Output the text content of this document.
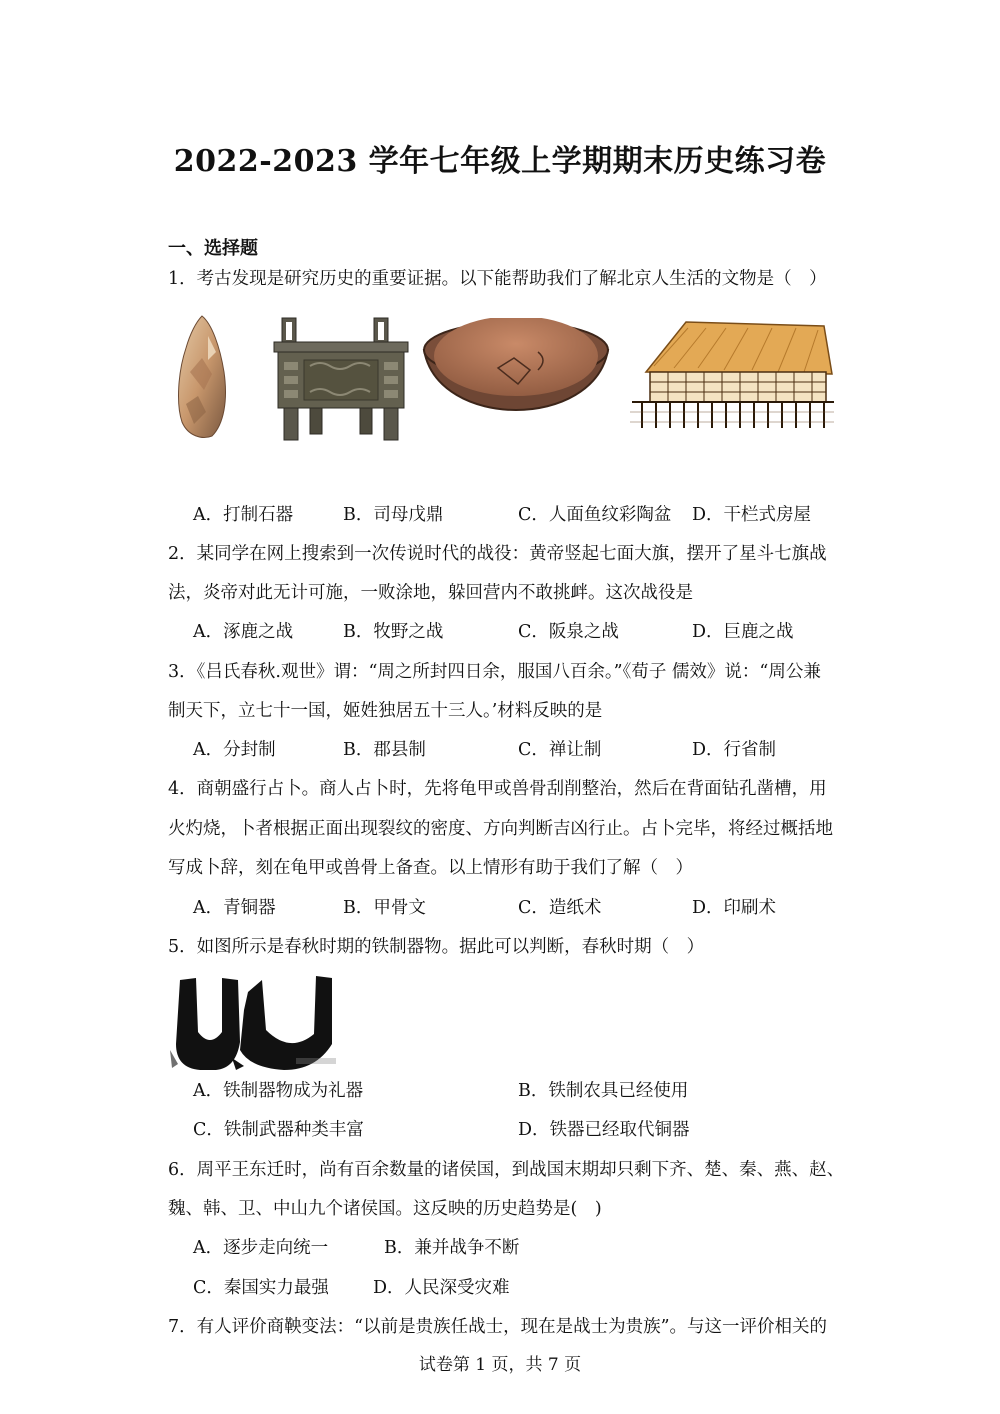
2022-2023 学年七年级上学期期末历史练习卷
一、选择题
1．考古发现是研究历史的重要证据。以下能帮助我们了解北京人生活的文物是（　）
A．打制石器	B．司母戊鼎	C．人面鱼纹彩陶盆 D．干栏式房屋
2．某同学在网上搜索到一次传说时代的战役：黄帝竖起七面大旗，摆开了星斗七旗战
法，炎帝对此无计可施，一败涂地，躲回营内不敢挑衅。这次战役是
A．涿鹿之战	B．牧野之战	C．阪泉之战	D．巨鹿之战
3．《吕氏春秋.观世》谓：“周之所封四日余，服国八百余。”《荀子 儒效》说：“周公兼
制天下，立七十一国，姬姓独居五十三人。’材料反映的是
A．分封制	B．郡县制	C．禅让制	D．行省制
4．商朝盛行占卜。商人占卜时，先将龟甲或兽骨刮削整治，然后在背面钻孔凿槽，用
火灼烧，卜者根据正面出现裂纹的密度、方向判断吉凶行止。占卜完毕，将经过概括地
写成卜辞，刻在龟甲或兽骨上备查。以上情形有助于我们了解（　）
A．青铜器	B．甲骨文	C．造纸术	D．印刷术
5．如图所示是春秋时期的铁制器物。据此可以判断，春秋时期（　）
A．铁制器物成为礼器	B．铁制农具已经使用
C．铁制武器种类丰富	D．铁器已经取代铜器
6．周平王东迁时，尚有百余数量的诸侯国，到战国末期却只剩下齐、楚、秦、燕、赵、
魏、韩、卫、中山九个诸侯国。这反映的历史趋势是(　)
A．逐步走向统一	B．兼并战争不断
C．秦国实力最强	D．人民深受灾难
7．有人评价商鞅变法：“以前是贵族任战士，现在是战士为贵族”。与这一评价相关的
试卷第 1 页，共 7 页
